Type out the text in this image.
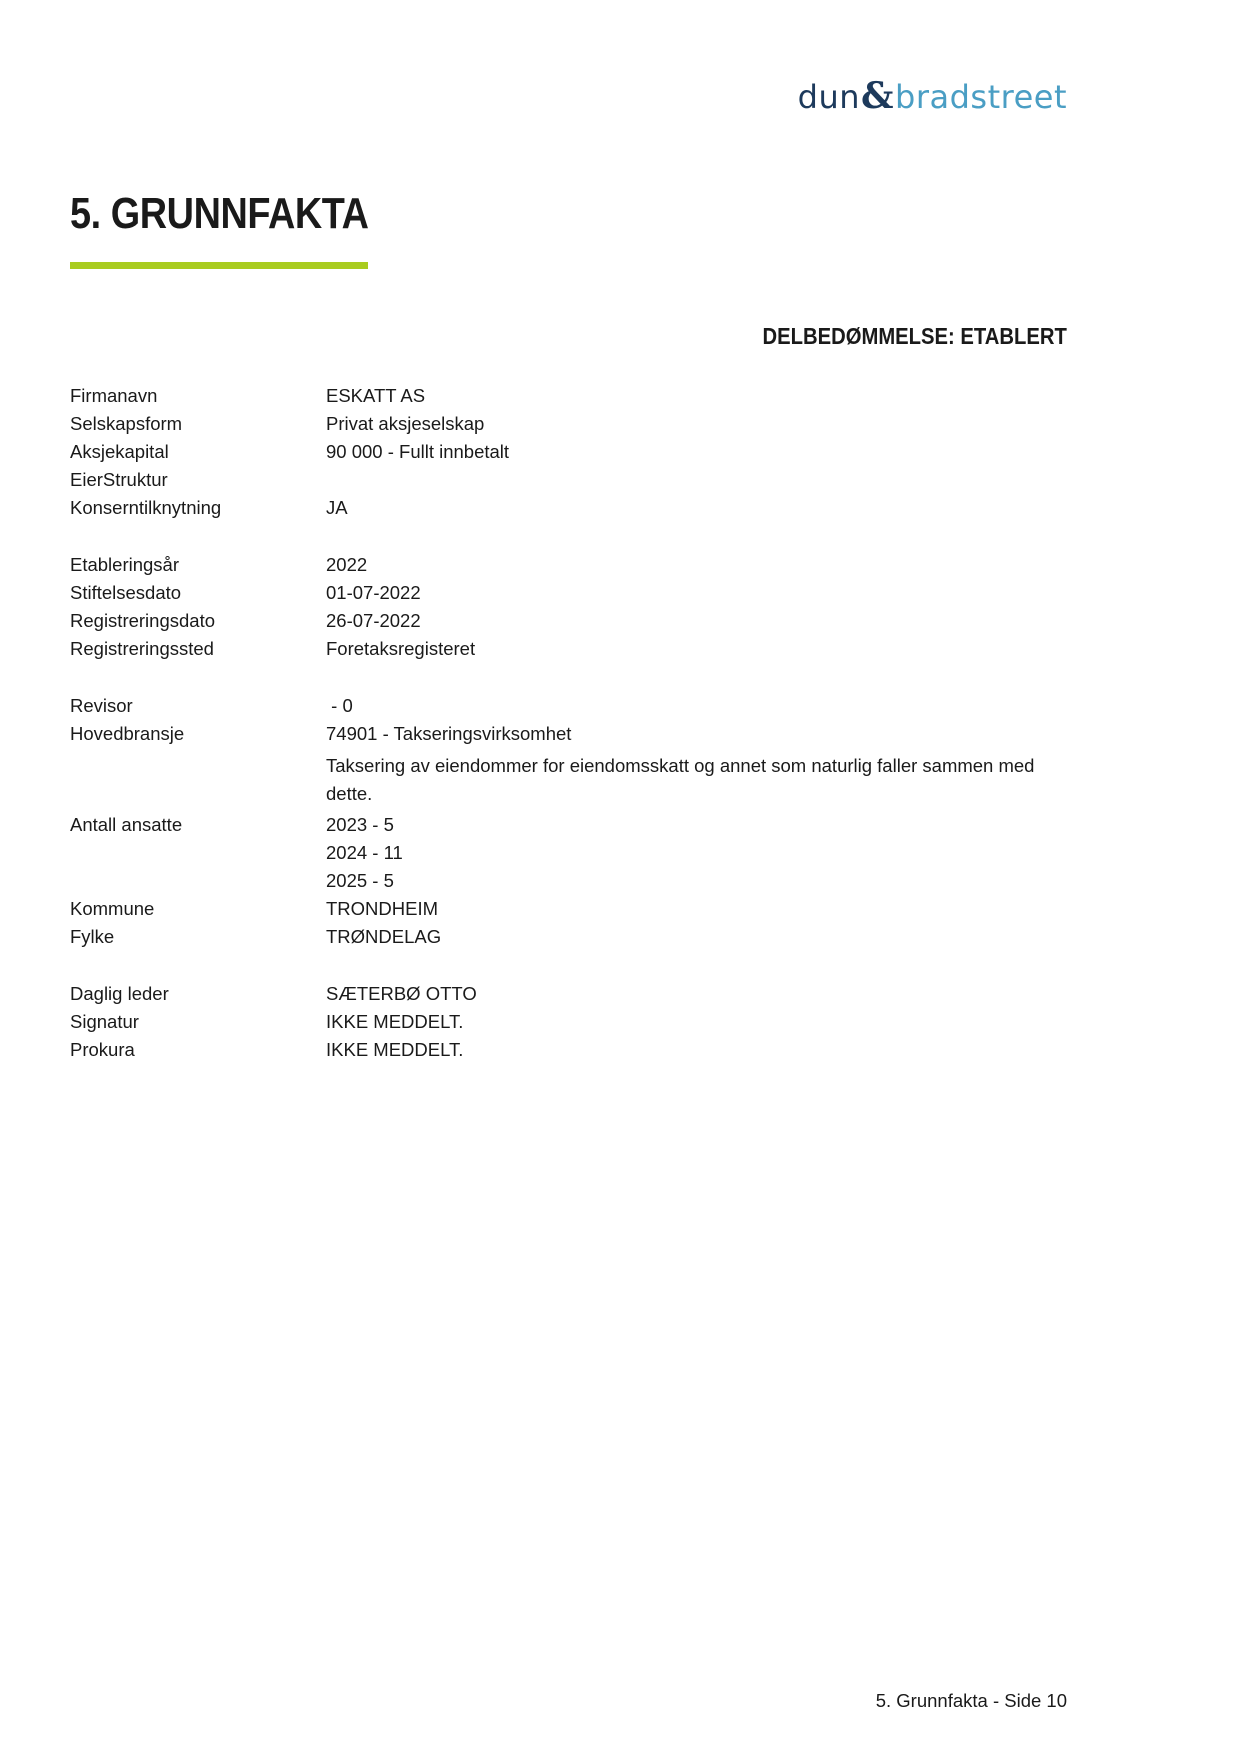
dun&bradstreet
5. GRUNNFAKTA
DELBEDØMMELSE: ETABLERT
Firmanavn	ESKATT AS
Selskapsform	Privat aksjeselskap
Aksjekapital	90 000 - Fullt innbetalt
EierStruktur
Konserntilknytning	JA
Etableringsår	2022
Stiftelsesdato	01-07-2022
Registreringsdato	26-07-2022
Registreringssted	Foretaksregisteret
Revisor	- 0
Hovedbransje	74901 - Takseringsvirksomhet
Taksering av eiendommer for eiendomsskatt og annet som naturlig faller sammen med dette.
Antall ansatte	2023 - 5
2024 - 11
2025 - 5
Kommune	TRONDHEIM
Fylke	TRØNDELAG
Daglig leder	SÆTERBØ OTTO
Signatur	IKKE MEDDELT.
Prokura	IKKE MEDDELT.
5. Grunnfakta - Side 10
